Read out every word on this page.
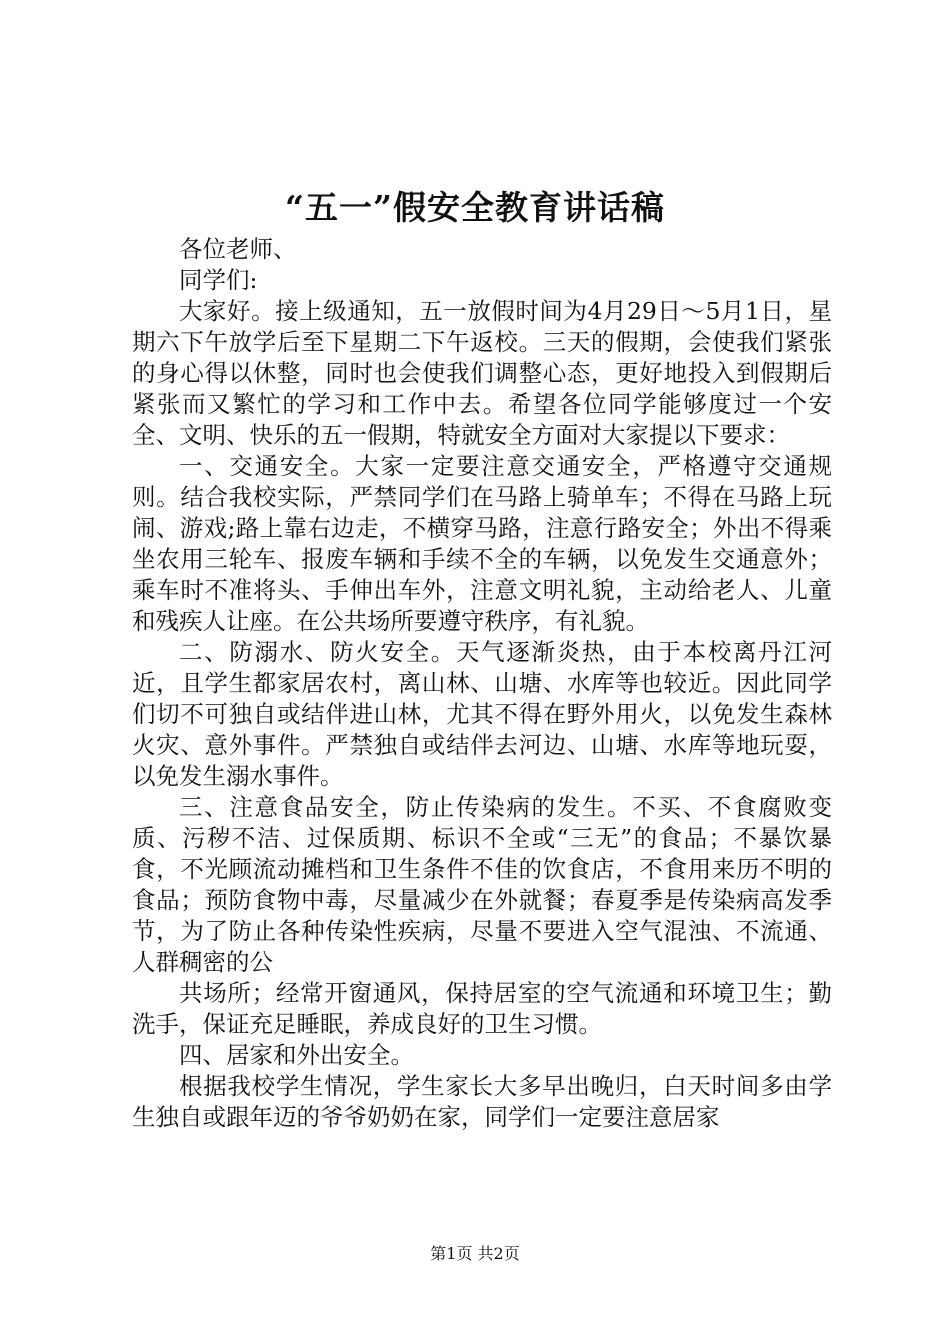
“五一”假安全教育讲话稿

各位老师、

同学们:

大家好。接上级通知，五一放假时间为4月29日～5月1日，星期六下午放学后至下星期二下午返校。三天的假期，会使我们紧张的身心得以休整，同时也会使我们调整心态，更好地投入到假期后紧张而又繁忙的学习和工作中去。希望各位同学能够度过一个安全、文明、快乐的五一假期，特就安全方面对大家提以下要求：

一、交通安全。大家一定要注意交通安全，严格遵守交通规则。结合我校实际，严禁同学们在马路上骑单车；不得在马路上玩闹、游戏;路上靠右边走，不横穿马路，注意行路安全；外出不得乘坐农用三轮车、报废车辆和手续不全的车辆，以免发生交通意外；乘车时不准将头、手伸出车外，注意文明礼貌，主动给老人、儿童和残疾人让座。在公共场所要遵守秩序，有礼貌。

二、防溺水、防火安全。天气逐渐炎热，由于本校离丹江河近，且学生都家居农村，离山林、山塘、水库等也较近。因此同学们切不可独自或结伴进山林，尤其不得在野外用火，以免发生森林火灾、意外事件。严禁独自或结伴去河边、山塘、水库等地玩耍，以免发生溺水事件。

三、注意食品安全，防止传染病的发生。不买、不食腐败变质、污秽不洁、过保质期、标识不全或“三无”的食品；不暴饮暴食，不光顾流动摊档和卫生条件不佳的饮食店，不食用来历不明的食品；预防食物中毒，尽量减少在外就餐；春夏季是传染病高发季节，为了防止各种传染性疾病，尽量不要进入空气混浊、不流通、人群稠密的公

共场所；经常开窗通风，保持居室的空气流通和环境卫生；勤洗手，保证充足睡眠，养成良好的卫生习惯。

四、居家和外出安全。

根据我校学生情况，学生家长大多早出晚归，白天时间多由学生独自或跟年迈的爷爷奶奶在家，同学们一定要注意居家

第1页 共2页
